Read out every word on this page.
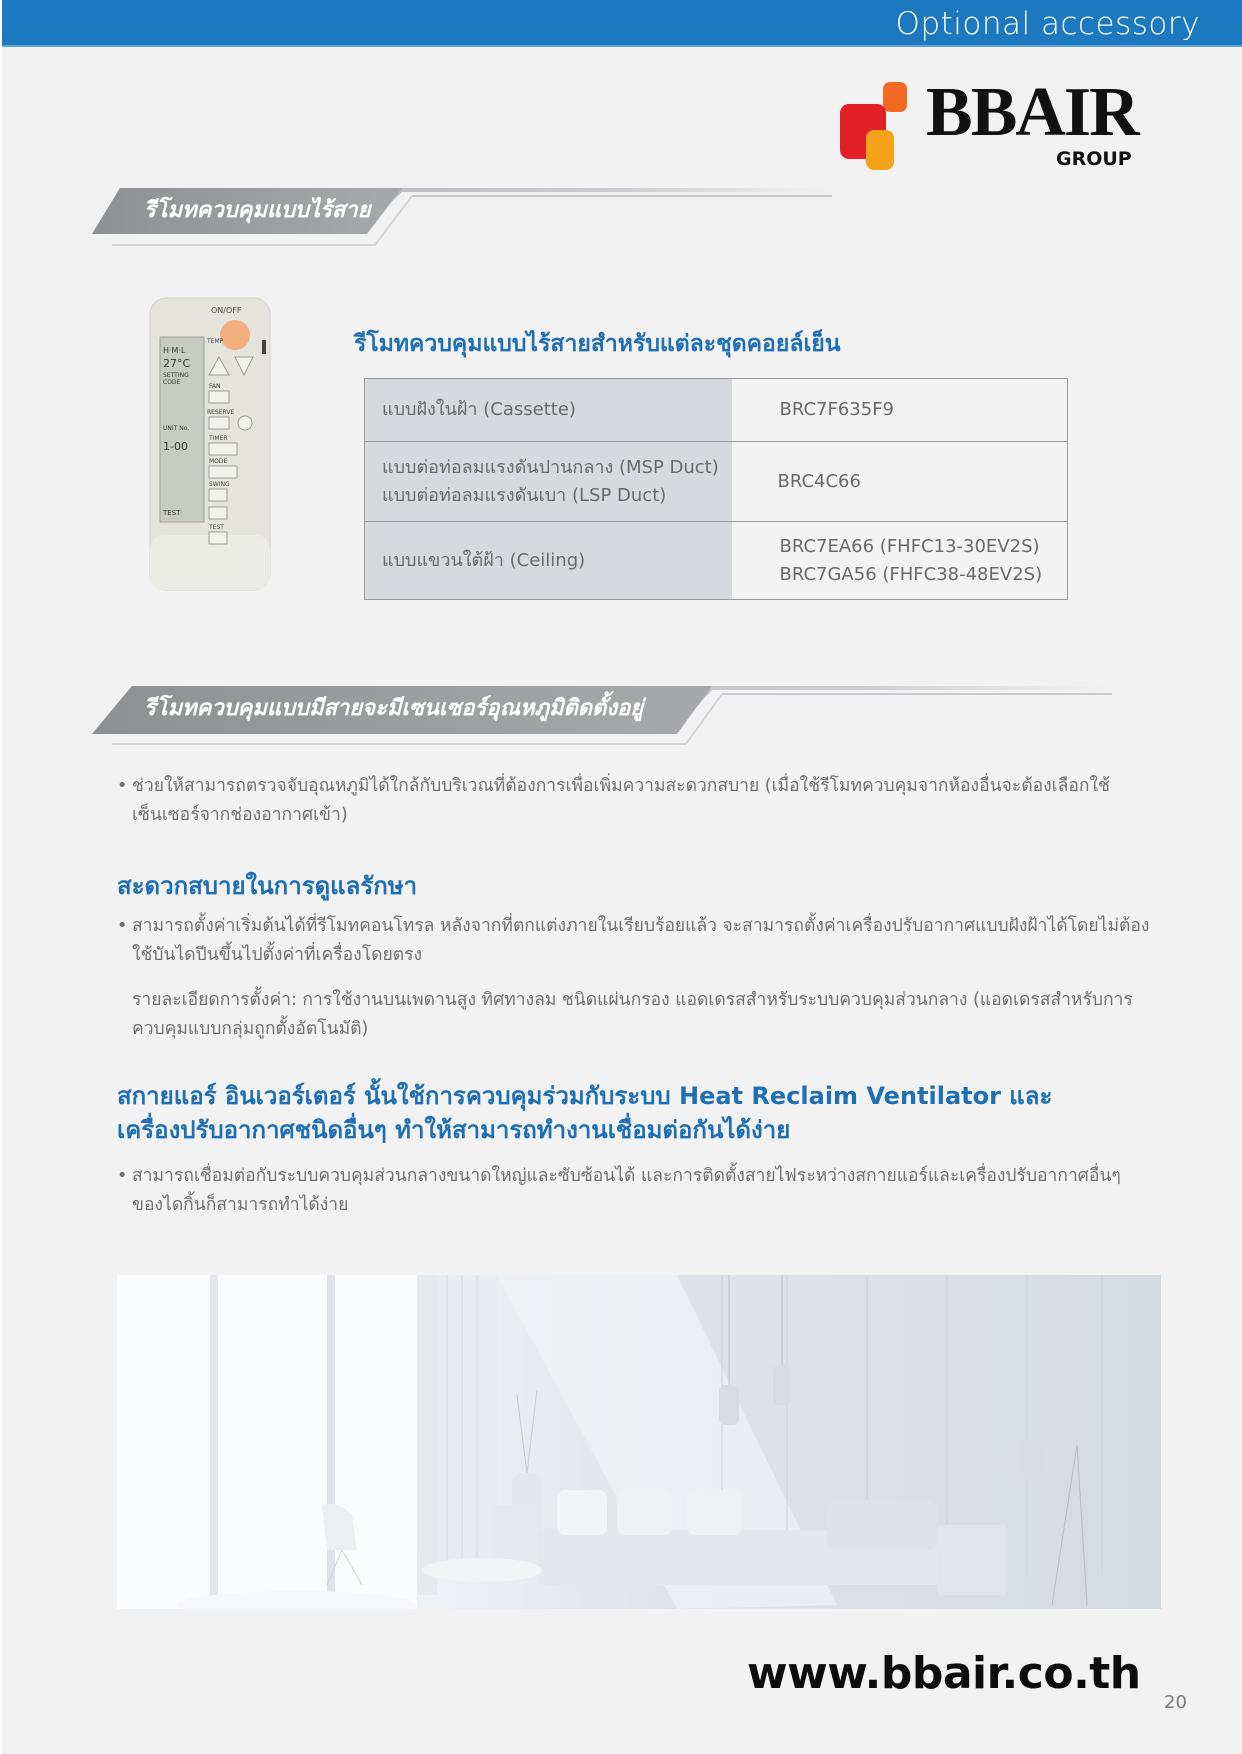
Optional accessory
BBAIR
GROUP
รีโมทควบคุมแบบไร้สาย
H·M·L
27°C
SETTING
CODE
UNIT No.
1-00
TEST
ON/OFF
TEMP
FAN
RESERVE
TIMER
MODE
SWING
TEST
รีโมทควบคุมแบบไร้สายสำหรับแต่ละชุดคอยล์เย็น
แบบฝังในฝ้า (Cassette)	BRC7F635F9

แบบต่อท่อลมแรงดันปานกลาง (MSP Duct)
แบบต่อท่อลมแรงดันเบา (LSP Duct)	BRC4C66

แบบแขวนใต้ฝ้า (Ceiling)	BRC7EA66 (FHFC13-30EV2S)
BRC7GA56 (FHFC38-48EV2S)
รีโมทควบคุมแบบมีสายจะมีเซนเซอร์อุณหภูมิติดตั้งอยู่
• ช่วยให้สามารถตรวจจับอุณหภูมิได้ใกล้กับบริเวณที่ต้องการเพื่อเพิ่มความสะดวกสบาย (เมื่อใช้รีโมทควบคุมจากห้องอื่นจะต้องเลือกใช้เซ็นเซอร์จากช่องอากาศเข้า)
สะดวกสบายในการดูแลรักษา
• สามารถตั้งค่าเริ่มต้นได้ที่รีโมทคอนโทรล หลังจากที่ตกแต่งภายในเรียบร้อยแล้ว จะสามารถตั้งค่าเครื่องปรับอากาศแบบฝังฝ้าได้โดยไม่ต้องใช้บันไดปีนขึ้นไปตั้งค่าที่เครื่องโดยตรง
รายละเอียดการตั้งค่า: การใช้งานบนเพดานสูง ทิศทางลม ชนิดแผ่นกรอง แอดเดรสสำหรับระบบควบคุมส่วนกลาง (แอดเดรสสำหรับการควบคุมแบบกลุ่มถูกตั้งอัตโนมัติ)
สกายแอร์ อินเวอร์เตอร์ นั้นใช้การควบคุมร่วมกับระบบ Heat Reclaim Ventilator และเครื่องปรับอากาศชนิดอื่นๆ ทำให้สามารถทำงานเชื่อมต่อกันได้ง่าย
• สามารถเชื่อมต่อกับระบบควบคุมส่วนกลางขนาดใหญ่และซับซ้อนได้ และการติดตั้งสายไฟระหว่างสกายแอร์และเครื่องปรับอากาศอื่นๆ ของไดกิ้นก็สามารถทำได้ง่าย
www.bbair.co.th
20
